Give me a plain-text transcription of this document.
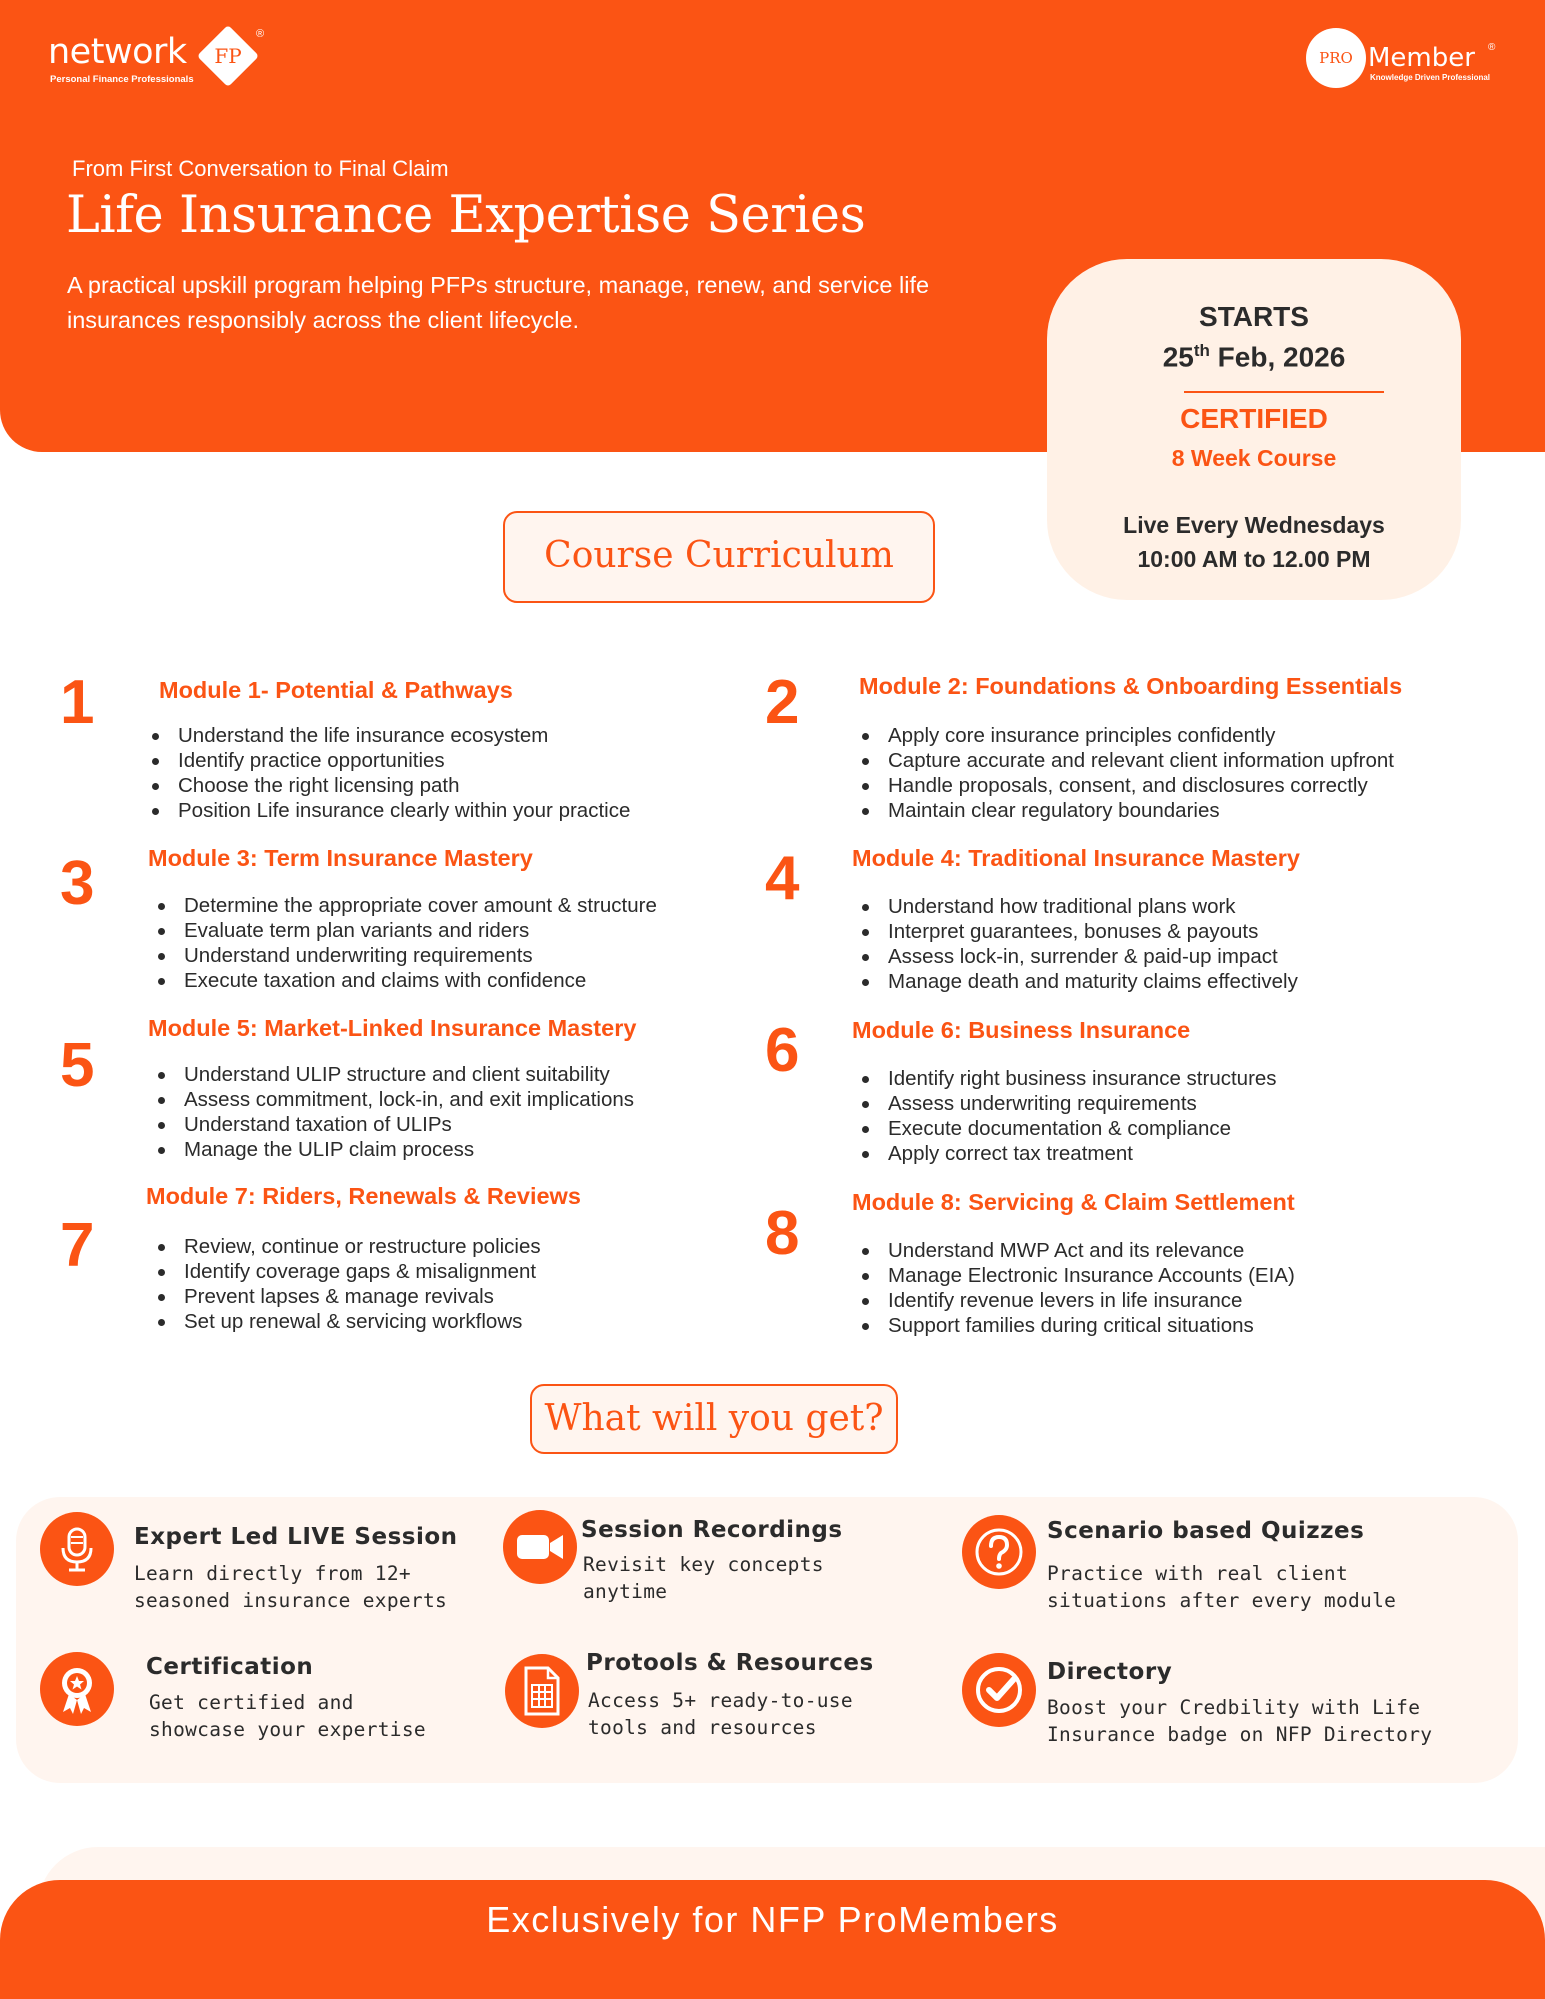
network FP
®
Personal Finance Professionals
PRO Member ®
Knowledge Driven Professional
From First Conversation to Final Claim
Life Insurance Expertise Series
A practical upskill program helping PFPs structure, manage, renew, and service life insurances responsibly across the client lifecycle.	STARTS
25th Feb, 2026
CERTIFIED
8 Week Course
Live Every Wednesdays
10:00 AM to 12.00 PM
Course Curriculum
1	Module 1- Potential & Pathways
Understand the life insurance ecosystem
Identify practice opportunities
Choose the right licensing path
Position Life insurance clearly within your practice
2	Module 2: Foundations & Onboarding Essentials
Apply core insurance principles confidently
Capture accurate and relevant client information upfront
Handle proposals, consent, and disclosures correctly
Maintain clear regulatory boundaries
3 Module 3: Term Insurance Mastery
Determine the appropriate cover amount & structure
Evaluate term plan variants and riders
Understand underwriting requirements
Execute taxation and claims with confidence
4 Module 4: Traditional Insurance Mastery
Understand how traditional plans work
Interpret guarantees, bonuses & payouts
Assess lock-in, surrender & paid-up impact
Manage death and maturity claims effectively
5
Module 5: Market-Linked Insurance Mastery
Understand ULIP structure and client suitability
Assess commitment, lock-in, and exit implications
Understand taxation of ULIPs
Manage the ULIP claim process
6 Module 6: Business Insurance
Identify right business insurance structures
Assess underwriting requirements
Execute documentation & compliance
Apply correct tax treatment
7
Module 7: Riders, Renewals & Reviews
Review, continue or restructure policies
Identify coverage gaps & misalignment
Prevent lapses & manage revivals
Set up renewal & servicing workflows
8 Module 8: Servicing & Claim Settlement
Understand MWP Act and its relevance
Manage Electronic Insurance Accounts (EIA)
Identify revenue levers in life insurance
Support families during critical situations
What will you get?
Expert Led LIVE Session
Learn directly from 12+ seasoned insurance experts
Session Recordings
Revisit key concepts anytime
Scenario based Quizzes
Practice with real client situations after every module
Certification
Get certified and showcase your expertise
Protools & Resources
Access 5+ ready-to-use tools and resources
Directory
Boost your Credbility with Life Insurance badge on NFP Directory
Exclusively for NFP ProMembers
